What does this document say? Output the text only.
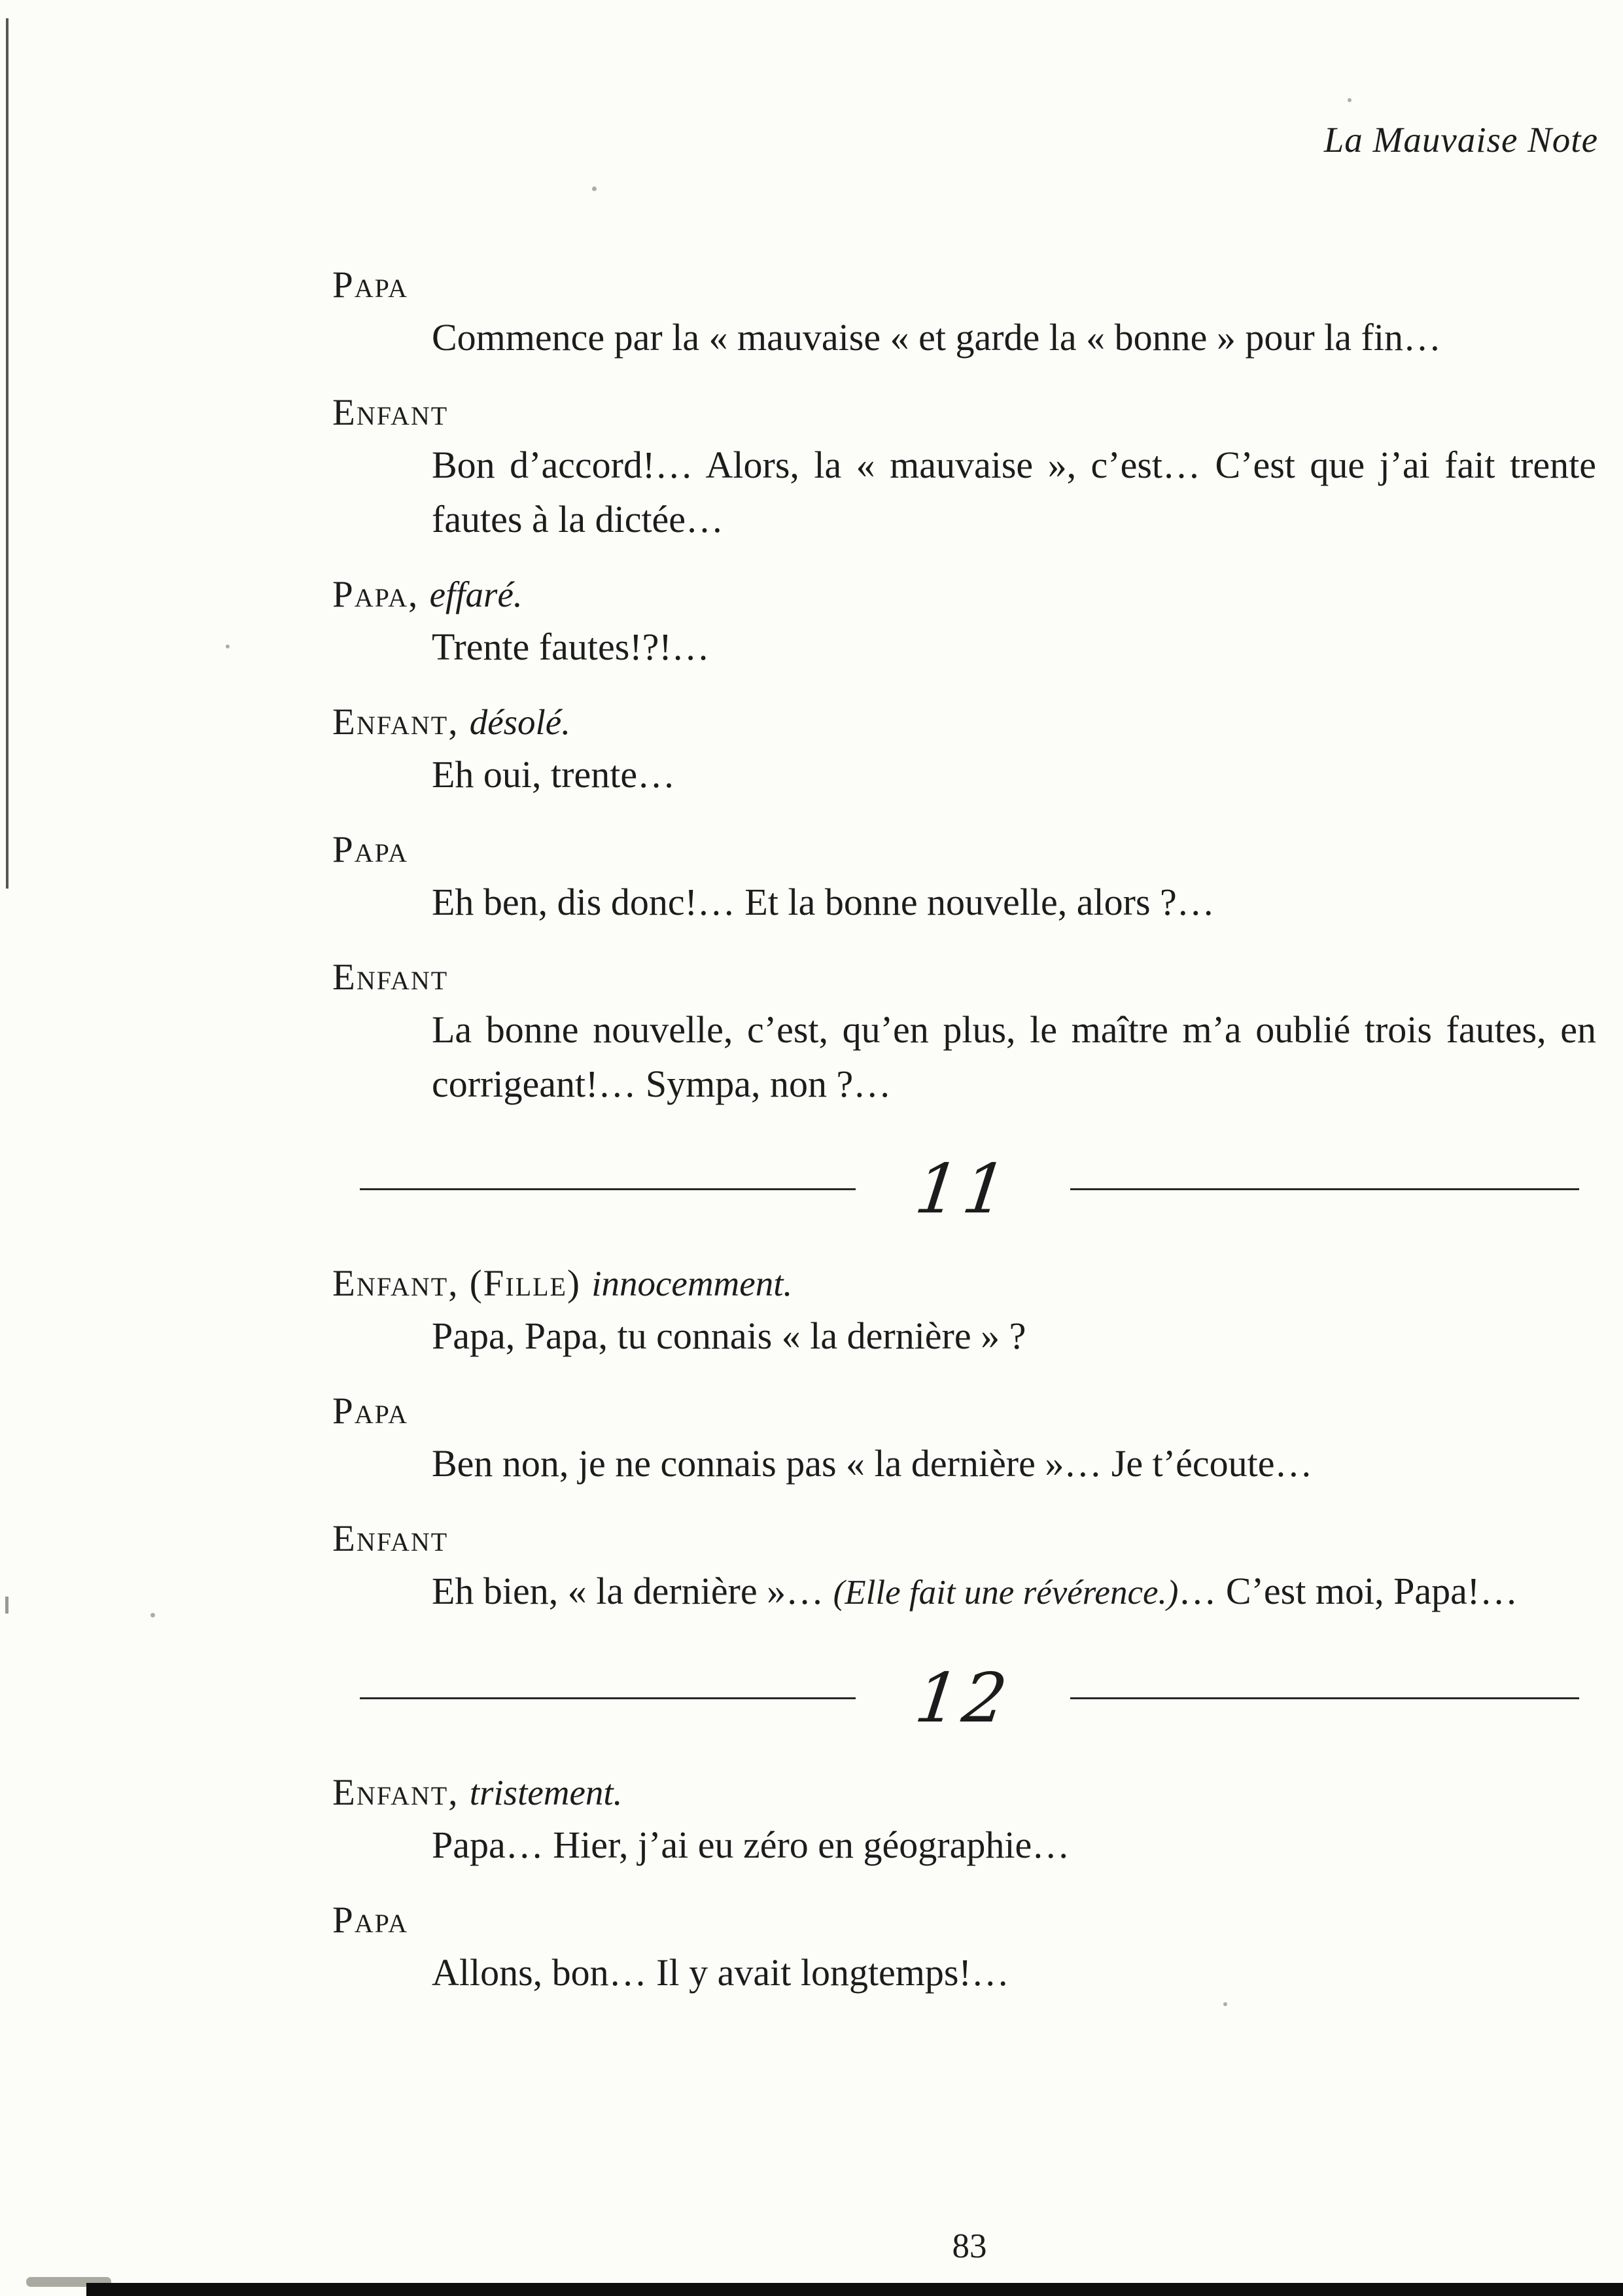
La Mauvaise Note
Papa
Commence par la « mauvaise « et garde la « bonne » pour la fin…
Enfant
Bon d’accord!… Alors, la « mauvaise », c’est… C’est que j’ai fait trente fautes à la dictée…
Papa, effaré.
Trente fautes!?!…
Enfant, désolé.
Eh oui, trente…
Papa
Eh ben, dis donc!… Et la bonne nouvelle, alors ?…
Enfant
La bonne nouvelle, c’est, qu’en plus, le maître m’a oublié trois fautes, en corrigeant!… Sympa, non ?…
11
Enfant, (Fille) innocemment.
Papa, Papa, tu connais « la dernière » ?
Papa
Ben non, je ne connais pas « la dernière »… Je t’écoute…
Enfant
Eh bien, « la dernière »… (Elle fait une révérence.)… C’est moi, Papa!…
12
Enfant, tristement.
Papa… Hier, j’ai eu zéro en géographie…
Papa
Allons, bon… Il y avait longtemps!…
83
